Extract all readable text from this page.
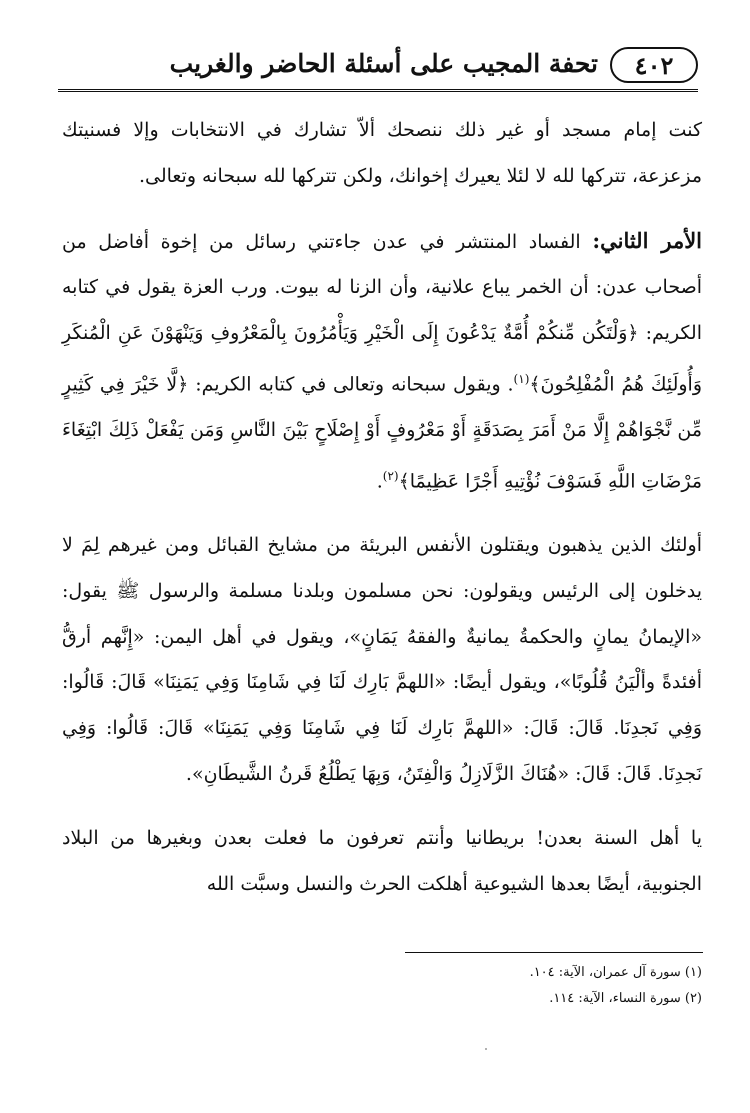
٤٠٢
تحفة المجيب على أسئلة الحاضر والغريب

كنت إمام مسجد أو غير ذلك ننصحك ألاّ تشارك في الانتخابات وإلا فسنيتك مزعزعة، تتركها لله لا لئلا يعيرك إخوانك، ولكن تتركها لله سبحانه وتعالى.

الأمر الثاني: الفساد المنتشر في عدن جاءتني رسائل من إخوة أفاضل من أصحاب عدن: أن الخمر يباع علانية، وأن الزنا له بيوت. ورب العزة يقول في كتابه الكريم: ﴿وَلْتَكُن مِّنكُمْ أُمَّةٌ يَدْعُونَ إِلَى الْخَيْرِ وَيَأْمُرُونَ بِالْمَعْرُوفِ وَيَنْهَوْنَ عَنِ الْمُنكَرِ وَأُولَئِكَ هُمُ الْمُفْلِحُونَ﴾$^{(١)}$. ويقول سبحانه وتعالى في كتابه الكريم: ﴿لَّا خَيْرَ فِي كَثِيرٍ مِّن نَّجْوَاهُمْ إِلَّا مَنْ أَمَرَ بِصَدَقَةٍ أَوْ مَعْرُوفٍ أَوْ إِصْلَاحٍ بَيْنَ النَّاسِ وَمَن يَفْعَلْ ذَلِكَ ابْتِغَاءَ مَرْضَاتِ اللَّهِ فَسَوْفَ نُؤْتِيهِ أَجْرًا عَظِيمًا﴾$^{(٢)}$.

أولئك الذين يذهبون ويقتلون الأنفس البريئة من مشايخ القبائل ومن غيرهم لِمَ لا يدخلون إلى الرئيس ويقولون: نحن مسلمون وبلدنا مسلمة والرسول ﷺ يقول: «الإيمانُ يمانٍ والحكمةُ يمانيةٌ والفقهُ يَمَانٍ»، ويقول في أهل اليمن: «إِنَّهم أرقُّ أفئدةً وألْيَنُ قُلُوبًا»، ويقول أيضًا: «اللهمَّ بَارِك لَنَا فِي شَامِنَا وَفِي يَمَنِنَا» قَالَ: قَالُوا: وَفِي نَجدِنَا. قَالَ: قَالَ: «اللهمَّ بَارِك لَنَا فِي شَامِنَا وَفِي يَمَنِنَا» قَالَ: قَالُوا: وَفِي نَجدِنَا. قَالَ: قَالَ: «هُنَاكَ الزَّلَازِلُ وَالْفِتَنُ، وَبِهَا يَطْلُعُ قَرنُ الشَّيطَانِ».

يا أهل السنة بعدن! بريطانيا وأنتم تعرفون ما فعلت بعدن وبغيرها من البلاد الجنوبية، أيضًا بعدها الشيوعية أهلكت الحرث والنسل وسبَّت الله

(١) سورة آل عمران، الآية: ١٠٤.

(٢) سورة النساء، الآية: ١١٤.
